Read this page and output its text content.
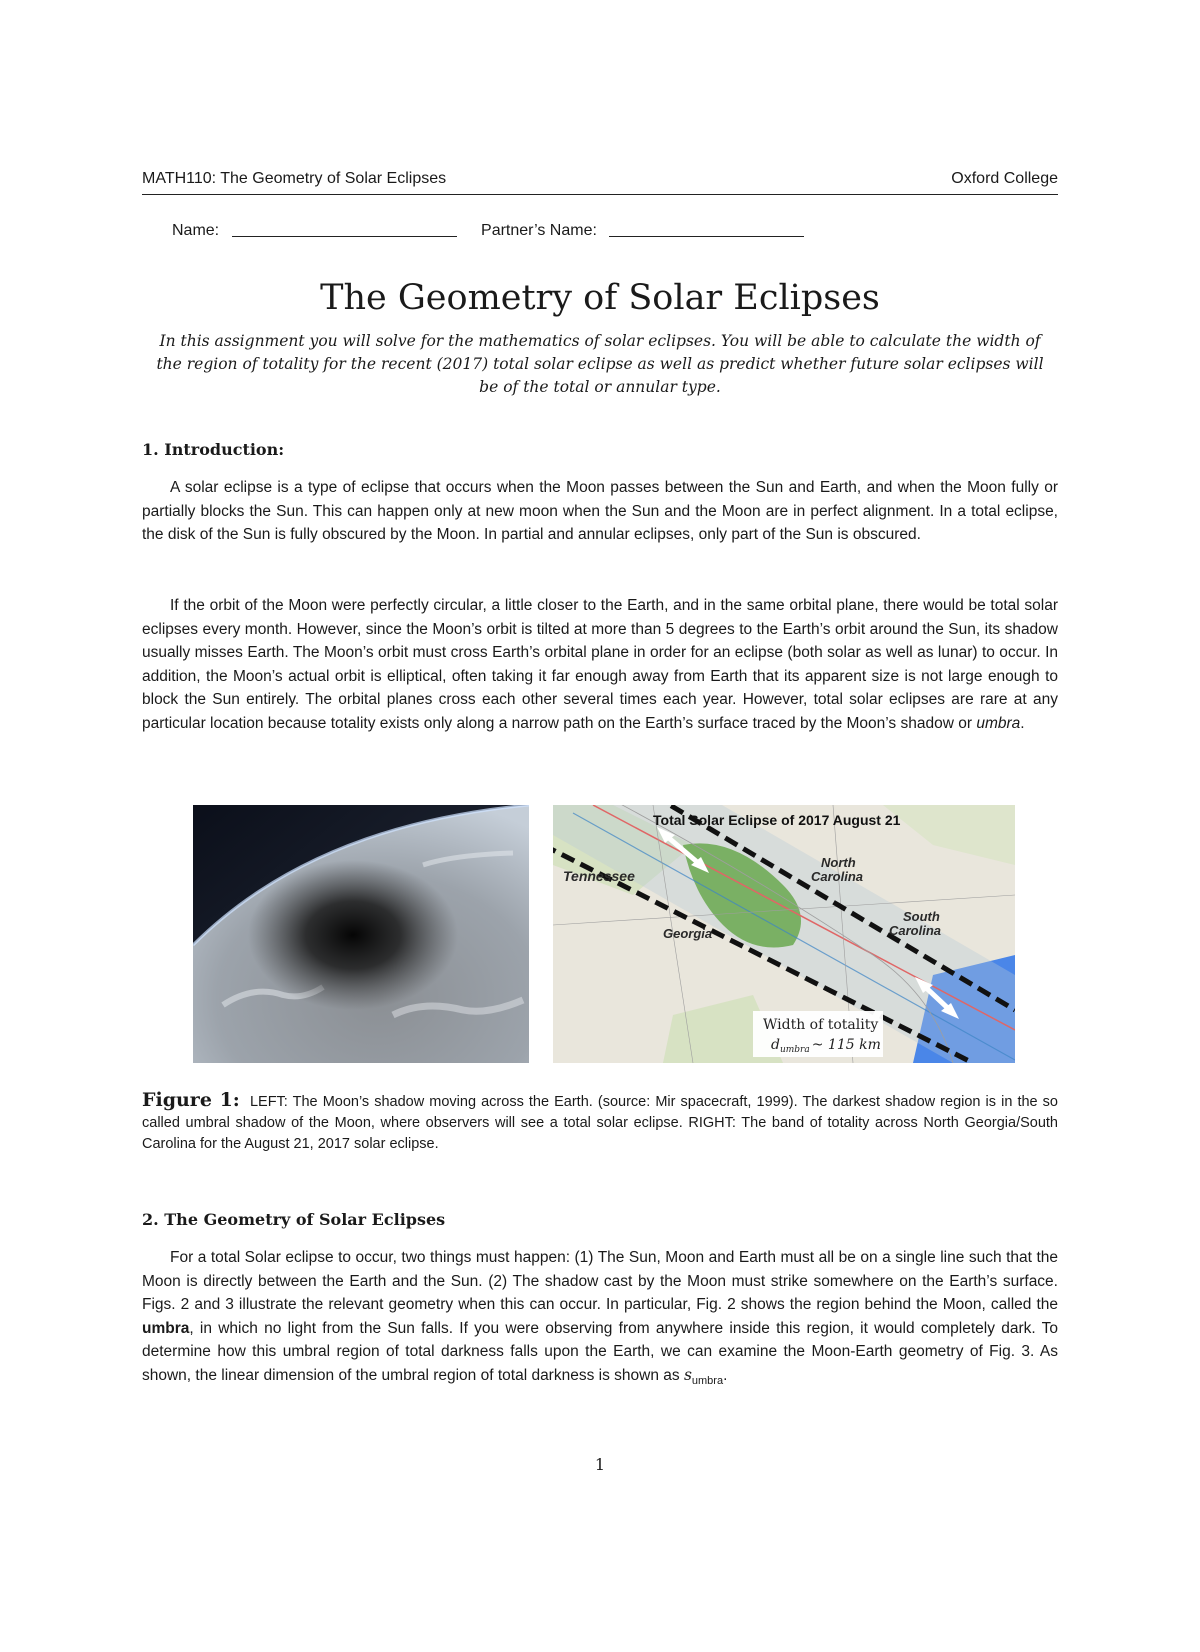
MATH110: The Geometry of Solar Eclipses	Oxford College
Name:	Partner’s Name:
The Geometry of Solar Eclipses
In this assignment you will solve for the mathematics of solar eclipses. You will be able to calculate the width of the region of totality for the recent (2017) total solar eclipse as well as predict whether future solar eclipses will be of the total or annular type.
1. Introduction:
A solar eclipse is a type of eclipse that occurs when the Moon passes between the Sun and Earth, and when the Moon fully or partially blocks the Sun. This can happen only at new moon when the Sun and the Moon are in perfect alignment. In a total eclipse, the disk of the Sun is fully obscured by the Moon. In partial and annular eclipses, only part of the Sun is obscured.
If the orbit of the Moon were perfectly circular, a little closer to the Earth, and in the same orbital plane, there would be total solar eclipses every month. However, since the Moon’s orbit is tilted at more than 5 degrees to the Earth’s orbit around the Sun, its shadow usually misses Earth. The Moon’s orbit must cross Earth’s orbital plane in order for an eclipse (both solar as well as lunar) to occur. In addition, the Moon’s actual orbit is elliptical, often taking it far enough away from Earth that its apparent size is not large enough to block the Sun entirely. The orbital planes cross each other several times each year. However, total solar eclipses are rare at any particular location because totality exists only along a narrow path on the Earth’s surface traced by the Moon’s shadow or umbra.
Total Solar Eclipse of 2017 August 21
Tennessee
North Carolina
Georgia
South Carolina
Width of totality
$d_{umbra}$ ~ 115 km
Figure 1: LEFT: The Moon’s shadow moving across the Earth. (source: Mir spacecraft, 1999). The darkest shadow region is in the so called umbral shadow of the Moon, where observers will see a total solar eclipse. RIGHT: The band of totality across North Georgia/South Carolina for the August 21, 2017 solar eclipse.
2. The Geometry of Solar Eclipses
For a total Solar eclipse to occur, two things must happen: (1) The Sun, Moon and Earth must all be on a single line such that the Moon is directly between the Earth and the Sun. (2) The shadow cast by the Moon must strike somewhere on the Earth’s surface. Figs. 2 and 3 illustrate the relevant geometry when this can occur. In particular, Fig. 2 shows the region behind the Moon, called the umbra, in which no light from the Sun falls. If you were observing from anywhere inside this region, it would completely dark. To determine how this umbral region of total darkness falls upon the Earth, we can examine the Moon-Earth geometry of Fig. 3. As shown, the linear dimension of the umbral region of total darkness is shown as $s_{umbra}$.
1
